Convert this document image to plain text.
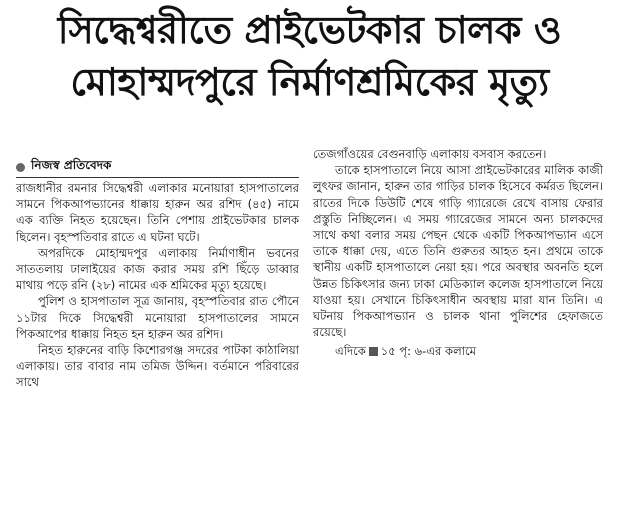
সিদ্ধেশ্বরীতে প্রাইভেটকার চালক ও
মোহাম্মদপুরে নির্মাণশ্রমিকের মৃত্যু
নিজস্ব প্রতিবেদক

রাজধানীর রমনার সিদ্ধেশ্বরী এলাকার মনোয়ারা হাসপাতালের সামনে পিকআপভ্যানের ধাক্কায় হারুন অর রশিদ (৪৫) নামে এক ব্যক্তি নিহত হয়েছেন। তিনি পেশায় প্রাইভেটকার চালক ছিলেন। বৃহস্পতিবার রাতে এ ঘটনা ঘটে।

অপরদিকে মোহাম্মদপুর এলাকায় নির্মাণাধীন ভবনের সাততলায় ঢালাইয়ের কাজ করার সময় রশি ছিঁড়ে ডাব্বার মাথায় পড়ে রনি (২৮) নামের এক শ্রমিকের মৃত্যু হয়েছে।

পুলিশ ও হাসপাতাল সূত্র জানায়, বৃহস্পতিবার রাত পৌনে ১১টার দিকে সিদ্ধেশ্বরী মনোয়ারা হাসপাতালের সামনে পিকআপের ধাক্কায় নিহত হন হারুন অর রশিদ।

নিহত হারুনের বাড়ি কিশোরগঞ্জ সদরের পাটকা কাঠালিয়া এলাকায়। তার বাবার নাম তমিজ উদ্দিন। বর্তমানে পরিবারের সাথে

তেজগাঁওয়ের বেগুনবাড়ি এলাকায় বসবাস করতেন।

তাকে হাসপাতালে নিয়ে আসা প্রাইভেটকারের মালিক কাজী লুৎফর জানান, হারুন তার গাড়ির চালক হিসেবে কর্মরত ছিলেন। রাতের দিকে ডিউটি শেষে গাড়ি গ্যারেজে রেখে বাসায় ফেরার প্রস্তুতি নিচ্ছিলেন। এ সময় গ্যারেজের সামনে অন্য চালকদের সাথে কথা বলার সময় পেছন থেকে একটি পিকআপভ্যান এসে তাকে ধাক্কা দেয়, এতে তিনি গুরুতর আহত হন। প্রথমে তাকে স্থানীয় একটি হাসপাতালে নেয়া হয়। পরে অবস্থার অবনতি হলে উন্নত চিকিৎসার জন্য ঢাকা মেডিক্যাল কলেজ হাসপাতালে নিয়ে যাওয়া হয়। সেখানে চিকিৎসাধীন অবস্থায় মারা যান তিনি। এ ঘটনায় পিকআপভ্যান ও চালক থানা পুলিশের হেফাজতে রয়েছে।

এদিকে ১৫ পৃ: ৬-এর কলামে
